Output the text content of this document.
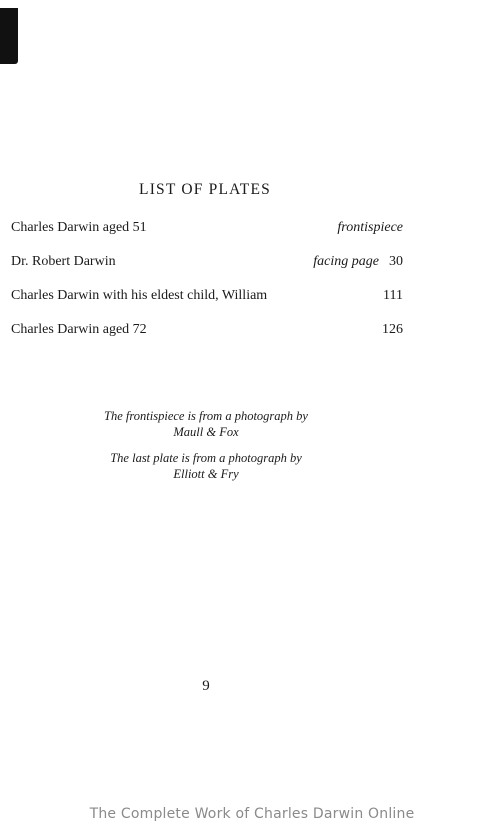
LIST OF PLATES
Charles Darwin aged 51	frontispiece
Dr. Robert Darwin	facing page 30
Charles Darwin with his eldest child, William	111
Charles Darwin aged 72	126
The frontispiece is from a photograph by
Maull & Fox
The last plate is from a photograph by
Elliott & Fry
9
The Complete Work of Charles Darwin Online
